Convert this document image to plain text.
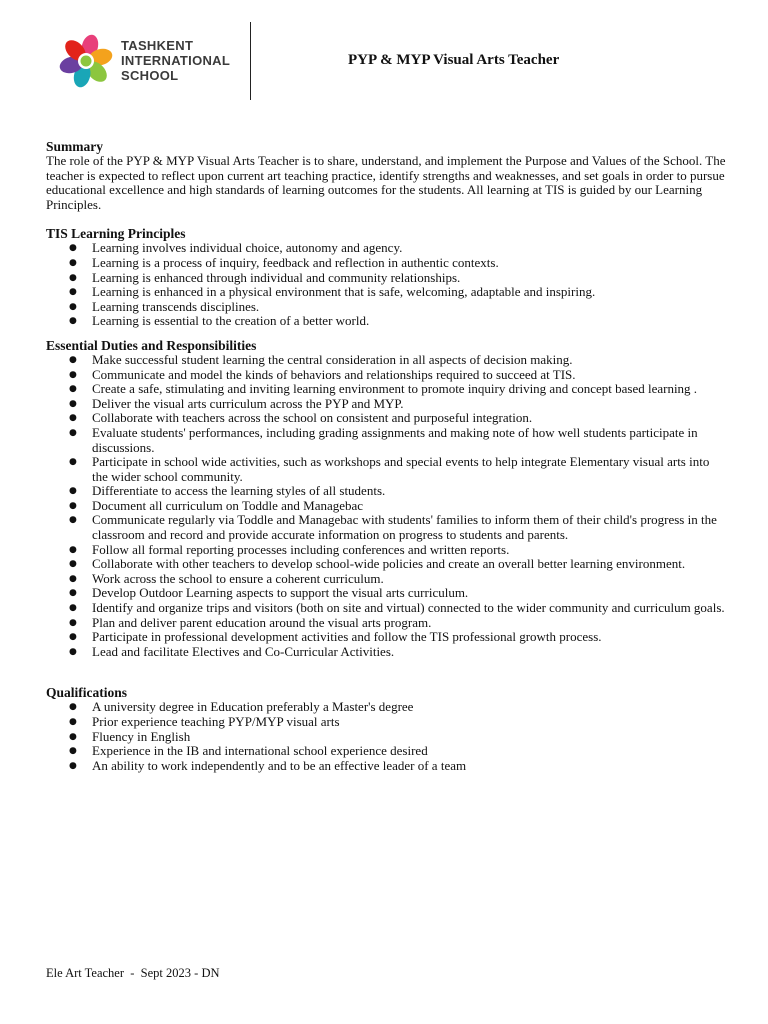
TASHKENT
INTERNATIONAL
SCHOOL
PYP & MYP Visual Arts Teacher
Summary

The role of the PYP & MYP Visual Arts Teacher is to share, understand, and implement the Purpose and Values of the School. The teacher is expected to reflect upon current art teaching practice, identify strengths and weaknesses, and set goals in order to pursue educational excellence and high standards of learning outcomes for the students. All learning at TIS is guided by our Learning Principles.

TIS Learning Principles
● Learning involves individual choice, autonomy and agency.
● Learning is a process of inquiry, feedback and reflection in authentic contexts.
● Learning is enhanced through individual and community relationships.
● Learning is enhanced in a physical environment that is safe, welcoming, adaptable and inspiring.
● Learning transcends disciplines.
● Learning is essential to the creation of a better world.
Essential Duties and Responsibilities
● Make successful student learning the central consideration in all aspects of decision making.
● Communicate and model the kinds of behaviors and relationships required to succeed at TIS.
● Create a safe, stimulating and inviting learning environment to promote inquiry driving and concept based learning .
● Deliver the visual arts curriculum across the PYP and MYP.
● Collaborate with teachers across the school on consistent and purposeful integration.
● Evaluate students' performances, including grading assignments and making note of how well students participate in discussions.
● Participate in school wide activities, such as workshops and special events to help integrate Elementary visual arts into the wider school community.
● Differentiate to access the learning styles of all students.
● Document all curriculum on Toddle and Managebac
● Communicate regularly via Toddle and Managebac with students' families to inform them of their child's progress in the classroom and record and provide accurate information on progress to students and parents.
● Follow all formal reporting processes including conferences and written reports.
● Collaborate with other teachers to develop school-wide policies and create an overall better learning environment.
● Work across the school to ensure a coherent curriculum.
● Develop Outdoor Learning aspects to support the visual arts curriculum.
● Identify and organize trips and visitors (both on site and virtual) connected to the wider community and curriculum goals.
● Plan and deliver parent education around the visual arts program.
● Participate in professional development activities and follow the TIS professional growth process.
● Lead and facilitate Electives and Co-Curricular Activities.
Qualifications
● A university degree in Education preferably a Master's degree
● Prior experience teaching PYP/MYP visual arts
● Fluency in English
● Experience in the IB and international school experience desired
● An ability to work independently and to be an effective leader of a team
Ele Art Teacher  -  Sept 2023 - DN
